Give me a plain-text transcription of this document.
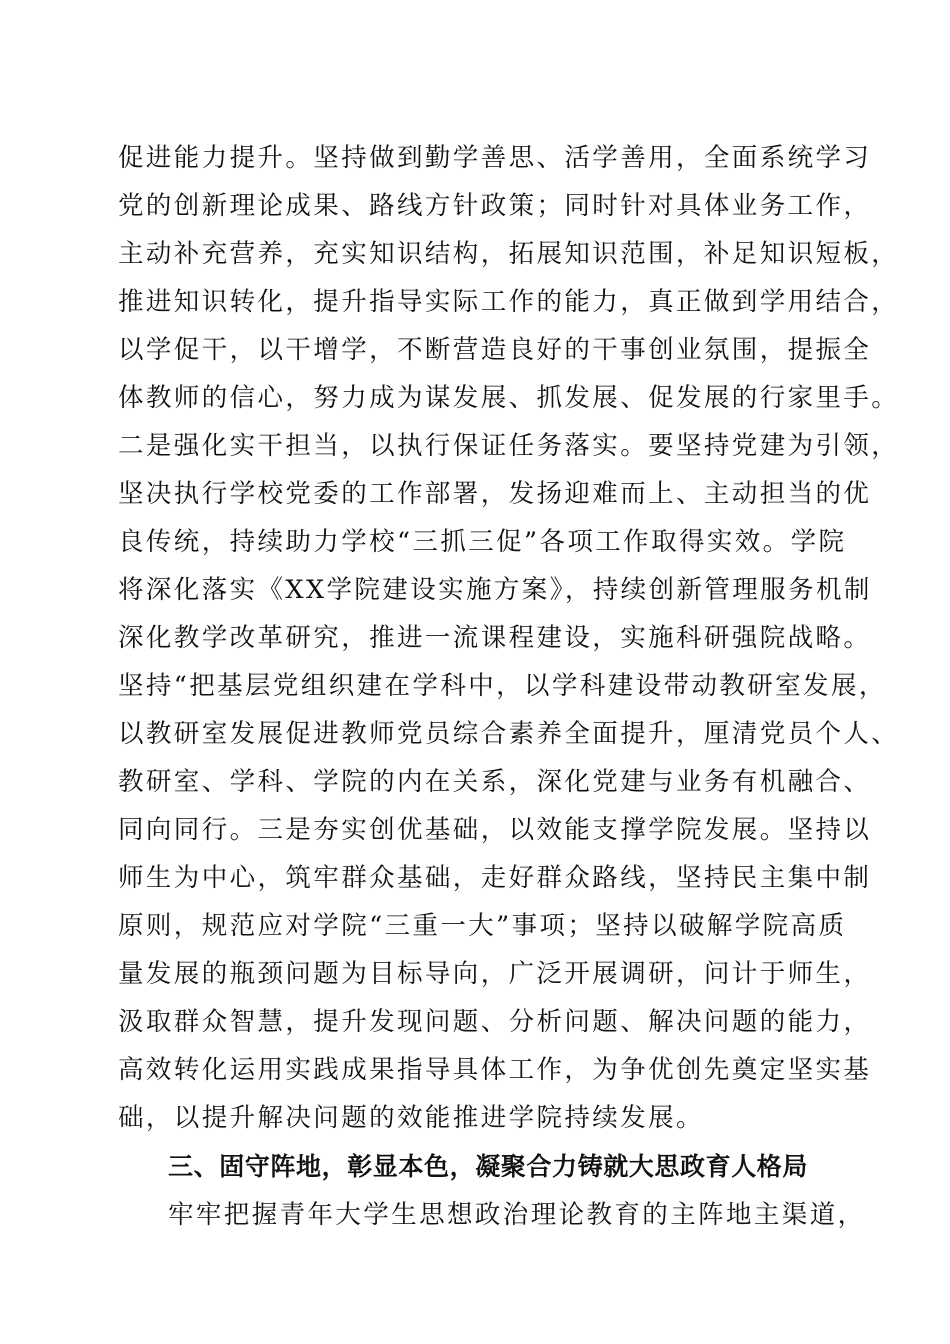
促进能力提升。坚持做到勤学善思、活学善用，全面系统学习
党的创新理论成果、路线方针政策；同时针对具体业务工作，
主动补充营养，充实知识结构，拓展知识范围，补足知识短板，
推进知识转化，提升指导实际工作的能力，真正做到学用结合，
以学促干，以干增学，不断营造良好的干事创业氛围，提振全
体教师的信心，努力成为谋发展、抓发展、促发展的行家里手。
二是强化实干担当，以执行保证任务落实。要坚持党建为引领，
坚决执行学校党委的工作部署，发扬迎难而上、主动担当的优
良传统，持续助力学校“三抓三促”各项工作取得实效。学院
将深化落实《XX学院建设实施方案》，持续创新管理服务机制
深化教学改革研究，推进一流课程建设，实施科研强院战略。
坚持“把基层党组织建在学科中，以学科建设带动教研室发展，
以教研室发展促进教师党员综合素养全面提升，厘清党员个人、
教研室、学科、学院的内在关系，深化党建与业务有机融合、
同向同行。三是夯实创优基础，以效能支撑学院发展。坚持以
师生为中心，筑牢群众基础，走好群众路线，坚持民主集中制
原则，规范应对学院“三重一大”事项；坚持以破解学院高质
量发展的瓶颈问题为目标导向，广泛开展调研，问计于师生，
汲取群众智慧，提升发现问题、分析问题、解决问题的能力，
高效转化运用实践成果指导具体工作，为争优创先奠定坚实基
础，以提升解决问题的效能推进学院持续发展。
三、固守阵地，彰显本色，凝聚合力铸就大思政育人格局
牢牢把握青年大学生思想政治理论教育的主阵地主渠道，
